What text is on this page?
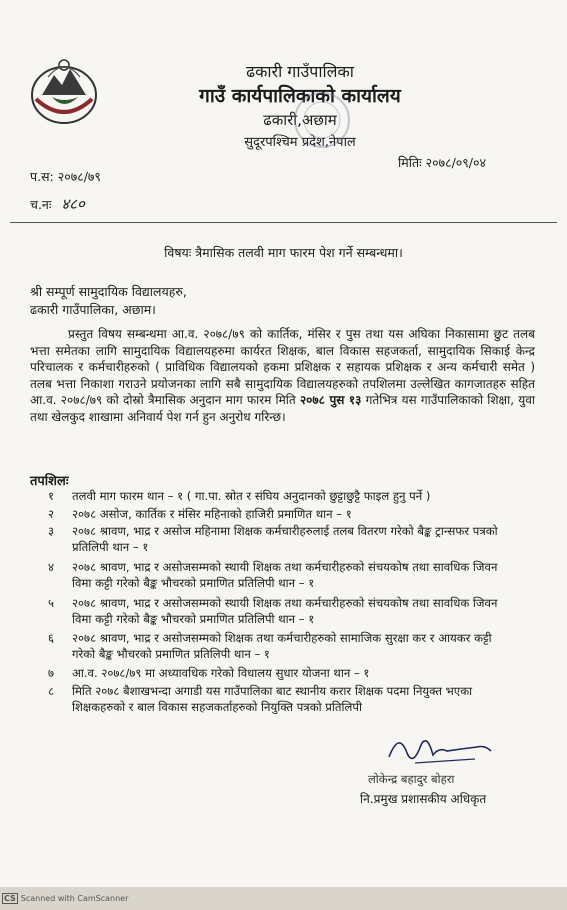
ढकारी गाउँपालिका
गाउँ कार्यपालिकाको कार्यालय
ढकारी,अछाम
सुदूरपश्चिम प्रदेश,नेपाल
प.स: २०७८/७९
च.नः ४८०
मितिः २०७८/०९/०४
विषयः त्रैमासिक तलवी माग फारम पेश गर्ने सम्बन्धमा।
श्री सम्पूर्ण सामुदायिक विद्यालयहरु,
ढकारी गाउँपालिका, अछाम।

प्रस्तुत विषय सम्बन्धमा आ.व. २०७८/७९ को कार्तिक, मंसिर र पुस तथा यस अघिका निकासामा छुट तलब भत्ता समेतका लागि सामुदायिक विद्यालयहरुमा कार्यरत शिक्षक, बाल विकास सहजकर्ता, सामुदायिक सिकाई केन्द्र परिचालक र कर्मचारीहरुको ( प्राविधिक विद्यालयको हकमा प्रशिक्षक र सहायक प्रशिक्षक र अन्य कर्मचारी समेत ) तलब भत्ता निकाशा गराउने प्रयोजनका लागि सबै सामुदायिक विद्यालयहरुको तपशिलमा उल्लेखित कागजातहरु सहित आ.व. २०७८/७९ को दोस्रो त्रैमासिक अनुदान माग फारम मिति २०७८ पुस १३ गतेभित्र यस गाउँपालिकाको शिक्षा, युवा तथा खेलकुद शाखामा अनिवार्य पेश गर्न हुन अनुरोध गरिन्छ।

तपशिलः
१	तलवी माग फारम थान – १ ( गा.पा. स्रोत र संघिय अनुदानको छुट्टाछुट्टै फाइल हुनु पर्ने )
२	२०७८ असोज, कार्तिक र मंसिर महिनाको हाजिरी प्रमाणित थान – १
३	२०७८ श्रावण, भाद्र र असोज महिनामा शिक्षक कर्मचारीहरुलाई तलब वितरण गरेको बैङ्क ट्रान्सफर पत्रको प्रतिलिपी थान – १
४	२०७८ श्रावण, भाद्र र असोजसम्मको स्थायी शिक्षक तथा कर्मचारीहरुको संचयकोष तथा सावधिक जिवन विमा कट्टी गरेको बैङ्क भौचरको प्रमाणित प्रतिलिपी थान – १
५	२०७८ श्रावण, भाद्र र असोजसम्मको स्थायी शिक्षक तथा कर्मचारीहरुको संचयकोष तथा सावधिक जिवन विमा कट्टी गरेको बैङ्क भौचरको प्रमाणित प्रतिलिपी थान – १
६	२०७८ श्रावण, भाद्र र असोजसम्मको शिक्षक तथा कर्मचारीहरुको सामाजिक सुरक्षा कर र आयकर कट्टी गरेको बैङ्क भौचरको प्रमाणित प्रतिलिपी थान – १
७	आ.व. २०७८/७९ मा अध्यावधिक गरेको विधालय सुधार योजना थान – १
८	मिति २०७८ बैशाखभन्दा अगाडी यस गाउँपालिका बाट स्थानीय करार शिक्षक पदमा नियुक्त भएका शिक्षकहरुको र बाल विकास सहजकर्ताहरुको नियुक्ति पत्रको प्रतिलिपी
लोकेन्द्र बहादुर बोहरा
नि.प्रमुख प्रशासकीय अधिकृत
CS Scanned with CamScanner
